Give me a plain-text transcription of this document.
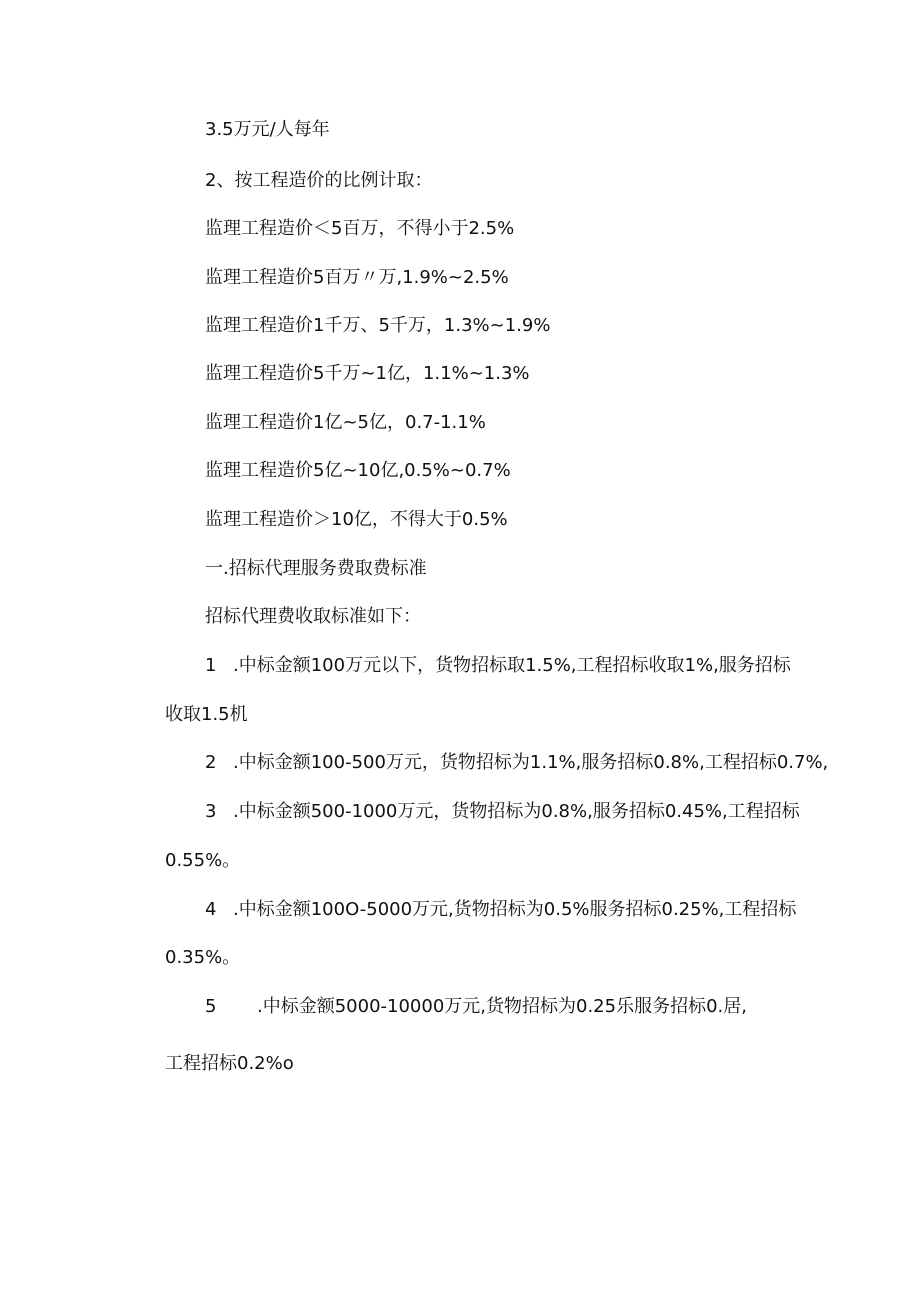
3.5万元/人每年
2、按工程造价的比例计取：
监理工程造价＜5百万，不得小于2.5%
监理工程造价5百万〃万,1.9%~2.5%
监理工程造价1千万、5千万，1.3%~1.9%
监理工程造价5千万~1亿，1.1%~1.3%
监理工程造价1亿~5亿，0.7-1.1%
监理工程造价5亿~10亿,0.5%~0.7%
监理工程造价＞10亿，不得大于0.5%
一.招标代理服务费取费标准
招标代理费收取标准如下：
1 .中标金额100万元以下，货物招标取1.5%,工程招标收取1%,服务招标
收取1.5机
2 .中标金额100-500万元，货物招标为1.1%,服务招标0.8%,工程招标0.7%,
3 .中标金额500-1000万元，货物招标为0.8%,服务招标0.45%,工程招标
0.55%。
4 .中标金额100O-5000万元,货物招标为0.5%服务招标0.25%,工程招标
0.35%。
5 .中标金额5000-10000万元,货物招标为0.25乐服务招标0.居,
工程招标0.2%o
